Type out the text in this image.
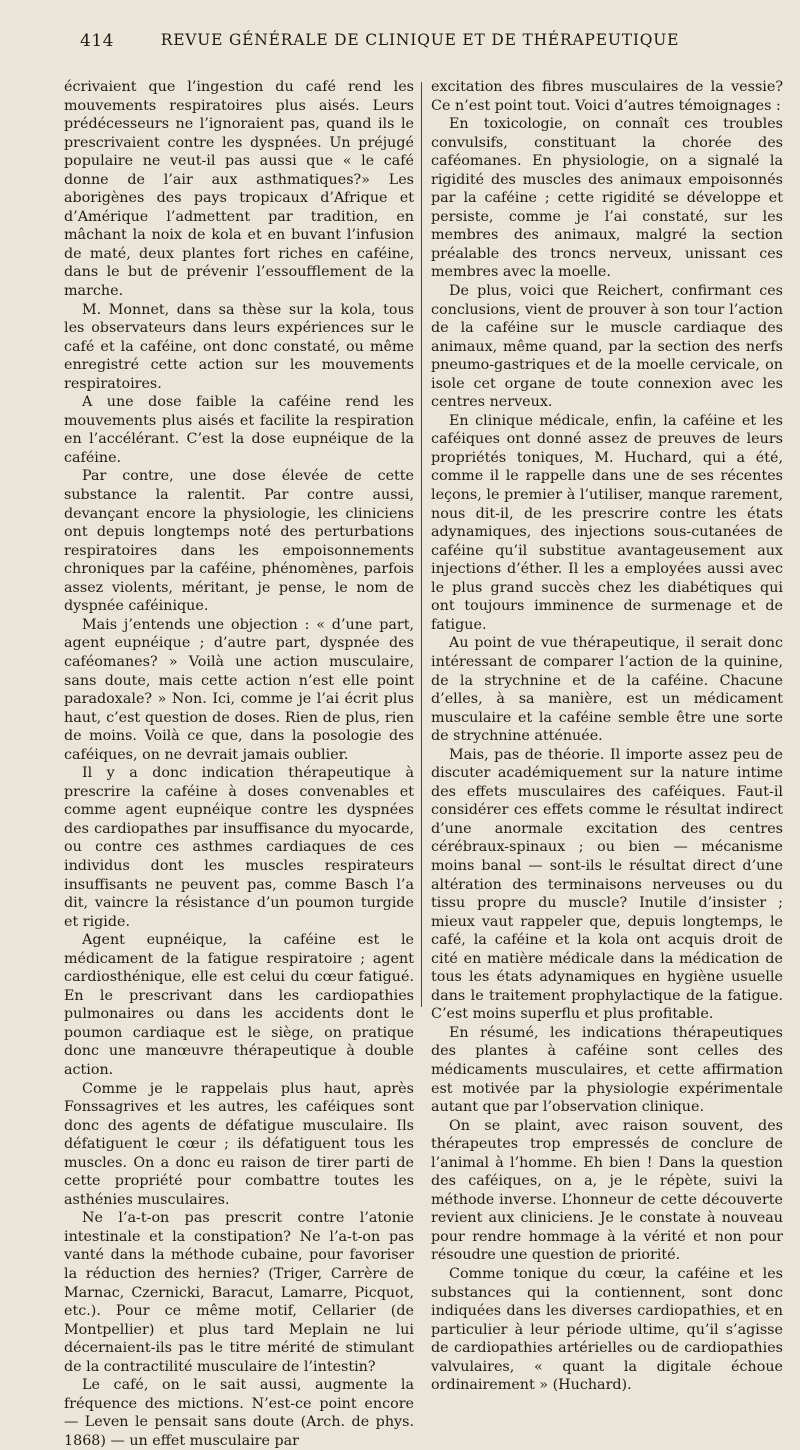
414	REVUE GÉNÉRALE DE CLINIQUE ET DE THÉRAPEUTIQUE

écrivaient que l’ingestion du café rend les mouvements respiratoires plus aisés. Leurs prédécesseurs ne l’ignoraient pas, quand ils le prescrivaient contre les dyspnées. Un préjugé populaire ne veut-il pas aussi que « le café donne de l’air aux asthmatiques?» Les aborigènes des pays tropicaux d’Afrique et d’Amérique l’admettent par tradition, en mâchant la noix de kola et en buvant l’infusion de maté, deux plantes fort riches en caféine, dans le but de prévenir l’essoufflement de la marche.

M. Monnet, dans sa thèse sur la kola, tous les observateurs dans leurs expériences sur le café et la caféine, ont donc constaté, ou même enregistré cette action sur les mouvements respiratoires.

A une dose faible la caféine rend les mouvements plus aisés et facilite la respiration en l’accélérant. C’est la dose eupnéique de la caféine.

Par contre, une dose élevée de cette substance la ralentit. Par contre aussi, devançant encore la physiologie, les cliniciens ont depuis longtemps noté des perturbations respiratoires dans les empoisonnements chroniques par la caféine, phénomènes, parfois assez violents, méritant, je pense, le nom de dyspnée caféinique.

Mais j’entends une objection : « d’une part, agent eupnéique ; d’autre part, dyspnée des caféomanes? » Voilà une action musculaire, sans doute, mais cette action n’est elle point paradoxale? » Non. Ici, comme je l’ai écrit plus haut, c’est question de doses. Rien de plus, rien de moins. Voilà ce que, dans la posologie des caféiques, on ne devrait jamais oublier.

Il y a donc indication thérapeutique à prescrire la caféine à doses convenables et comme agent eupnéique contre les dyspnées des cardiopathes par insuffisance du myocarde, ou contre ces asthmes cardiaques de ces individus dont les muscles respirateurs insuffisants ne peuvent pas, comme Basch l’a dit, vaincre la résistance d’un poumon turgide et rigide.

Agent eupnéique, la caféine est le médicament de la fatigue respiratoire ; agent cardiosthénique, elle est celui du cœur fatigué. En le prescrivant dans les cardiopathies pulmonaires ou dans les accidents dont le poumon cardiaque est le siège, on pratique donc une manœuvre thérapeutique à double action.

Comme je le rappelais plus haut, après Fonssagrives et les autres, les caféiques sont donc des agents de défatigue musculaire. Ils défatiguent le cœur ; ils défatiguent tous les muscles. On a donc eu raison de tirer parti de cette propriété pour combattre toutes les asthénies musculaires.

Ne l’a-t-on pas prescrit contre l’atonie intestinale et la constipation? Ne l’a-t-on pas vanté dans la méthode cubaine, pour favoriser la réduction des hernies? (Triger, Carrère de Marnac, Czernicki, Baracut, Lamarre, Picquot, etc.). Pour ce même motif, Cellarier (de Montpellier) et plus tard Meplain ne lui décernaient-ils pas le titre mérité de stimulant de la contractilité musculaire de l’intestin?

Le café, on le sait aussi, augmente la fréquence des mictions. N’est-ce point encore — Leven le pensait sans doute (Arch. de phys. 1868) — un effet musculaire par

excitation des fibres musculaires de la vessie? Ce n’est point tout. Voici d’autres témoignages :

En toxicologie, on connaît ces troubles convulsifs, constituant la chorée des caféomanes. En physiologie, on a signalé la rigidité des muscles des animaux empoisonnés par la caféine ; cette rigidité se développe et persiste, comme je l’ai constaté, sur les membres des animaux, malgré la section préalable des troncs nerveux, unissant ces membres avec la moelle.

De plus, voici que Reichert, confirmant ces conclusions, vient de prouver à son tour l’action de la caféine sur le muscle cardiaque des animaux, même quand, par la section des nerfs pneumo-gastriques et de la moelle cervicale, on isole cet organe de toute connexion avec les centres nerveux.

En clinique médicale, enfin, la caféine et les caféiques ont donné assez de preuves de leurs propriétés toniques, M. Huchard, qui a été, comme il le rappelle dans une de ses récentes leçons, le premier à l’utiliser, manque rarement, nous dit-il, de les prescrire contre les états adynamiques, des injections sous-cutanées de caféine qu’il substitue avantageusement aux injections d’éther. Il les a employées aussi avec le plus grand succès chez les diabétiques qui ont toujours imminence de surmenage et de fatigue.

Au point de vue thérapeutique, il serait donc intéressant de comparer l’action de la quinine, de la strychnine et de la caféine. Chacune d’elles, à sa manière, est un médicament musculaire et la caféine semble être une sorte de strychnine atténuée.

Mais, pas de théorie. Il importe assez peu de discuter académiquement sur la nature intime des effets musculaires des caféiques. Faut-il considérer ces effets comme le résultat indirect d’une anormale excitation des centres cérébraux-spinaux ; ou bien — mécanisme moins banal — sont-ils le résultat direct d’une altération des terminaisons nerveuses ou du tissu propre du muscle? Inutile d’insister ; mieux vaut rappeler que, depuis longtemps, le café, la caféine et la kola ont acquis droit de cité en matière médicale dans la médication de tous les états adynamiques en hygiène usuelle dans le traitement prophylactique de la fatigue. C’est moins superflu et plus profitable.

En résumé, les indications thérapeutiques des plantes à caféine sont celles des médicaments musculaires, et cette affirmation est motivée par la physiologie expérimentale autant que par l’observation clinique.

On se plaint, avec raison souvent, des thérapeutes trop empressés de conclure de l’animal à l’homme. Eh bien ! Dans la question des caféiques, on a, je le répète, suivi la méthode inverse. L’honneur de cette découverte revient aux cliniciens. Je le constate à nouveau pour rendre hommage à la vérité et non pour résoudre une question de priorité.

Comme tonique du cœur, la caféine et les substances qui la contiennent, sont donc indiquées dans les diverses cardiopathies, et en particulier à leur période ultime, qu’il s’agisse de cardiopathies artérielles ou de cardiopathies valvulaires, « quant la digitale échoue ordinairement » (Huchard).
